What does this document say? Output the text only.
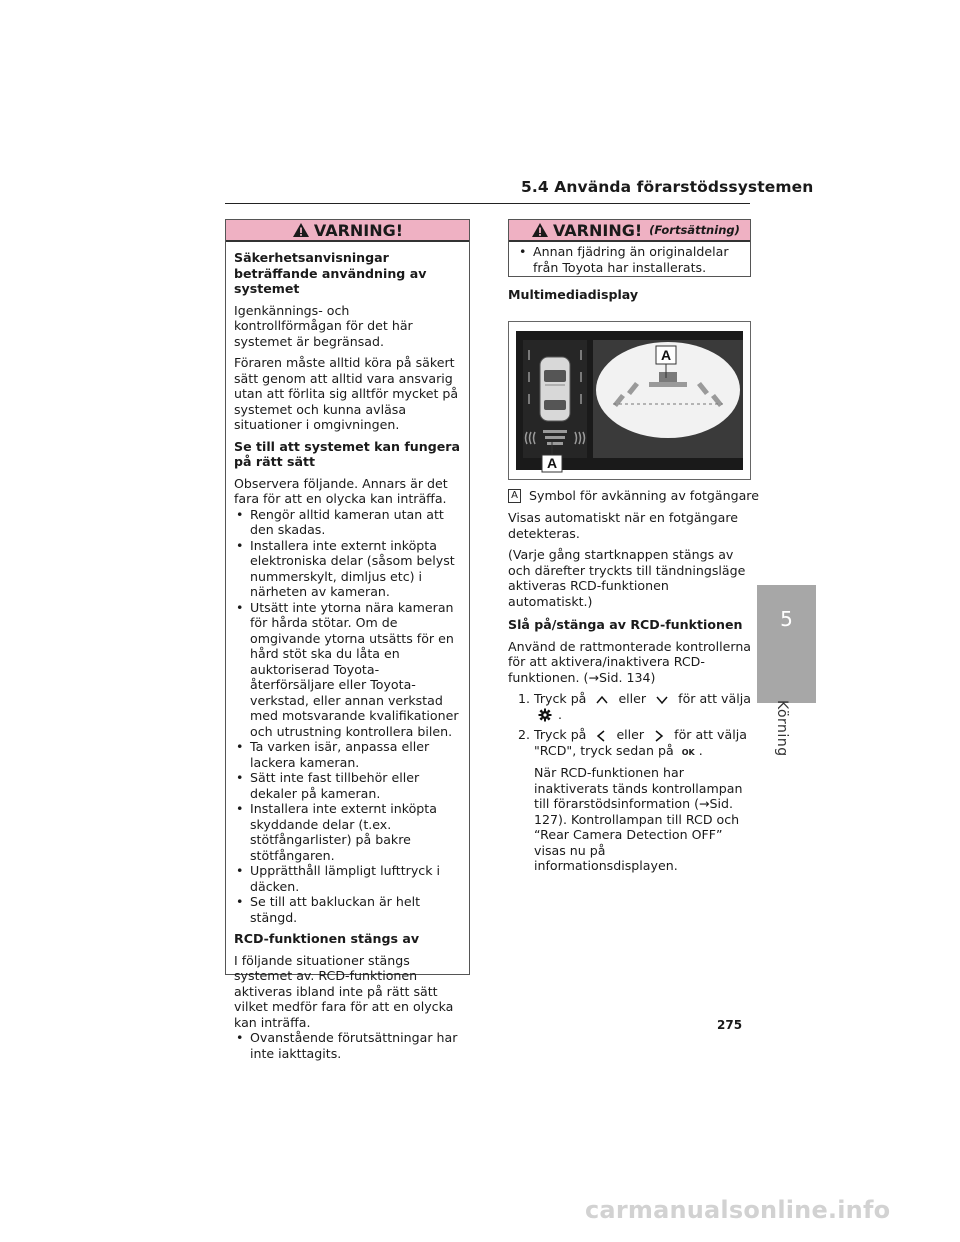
5.4 Använda förarstödssystemen
5
Körning
VARNING!

Säkerhetsanvisningar beträffande användning av systemet

Igenkännings- och kontrollförmågan för det här systemet är begränsad.

Föraren måste alltid köra på säkert sätt genom att alltid vara ansvarig utan att förlita sig alltför mycket på systemet och kunna avläsa situationer i omgivningen.

Se till att systemet kan fungera på rätt sätt

Observera följande. Annars är det fara för att en olycka kan inträffa.

• Rengör alltid kameran utan att den skadas.
• Installera inte externt inköpta elektroniska delar (såsom belyst nummerskylt, dimljus etc) i närheten av kameran.
• Utsätt inte ytorna nära kameran för hårda stötar. Om de omgivande ytorna utsätts för en hård stöt ska du låta en auktoriserad Toyota-återförsäljare eller Toyota-verkstad, eller annan verkstad med motsvarande kvalifikationer och utrustning kontrollera bilen.
• Ta varken isär, anpassa eller lackera kameran.
• Sätt inte fast tillbehör eller dekaler på kameran.
• Installera inte externt inköpta skyddande delar (t.ex. stötfångarlister) på bakre stötfångaren.
• Upprätthåll lämpligt lufttryck i däcken.
• Se till att bakluckan är helt stängd.

RCD-funktionen stängs av

I följande situationer stängs systemet av. RCD-funktionen aktiveras ibland inte på rätt sätt vilket medför fara för att en olycka kan inträffa.

• Ovanstående förutsättningar har inte iakttagits.
VARNING! (Fortsättning)
• Annan fjädring än originaldelar från Toyota har installerats.
Multimediadisplay
A
A
A Symbol för avkänning av fotgängare

Visas automatiskt när en fotgängare detekteras.

(Varje gång startknappen stängs av och därefter tryckts till tändningsläge aktiveras RCD-funktionen automatiskt.)

Slå på/stänga av RCD-funktionen

Använd de rattmonterade kontrollerna för att aktivera/inaktivera RCD-funktionen. (→Sid. 134)

1. Tryck på	eller	för att välja
.
2. Tryck på eller för att välja
"RCD", tryck sedan på OK .
När RCD-funktionen har inaktiverats tänds kontrollampan till förarstödsinformation (→Sid. 127). Kontrollampan till RCD och “Rear Camera Detection OFF” visas nu på informationsdisplayen.
275
carmanualsonline.info
